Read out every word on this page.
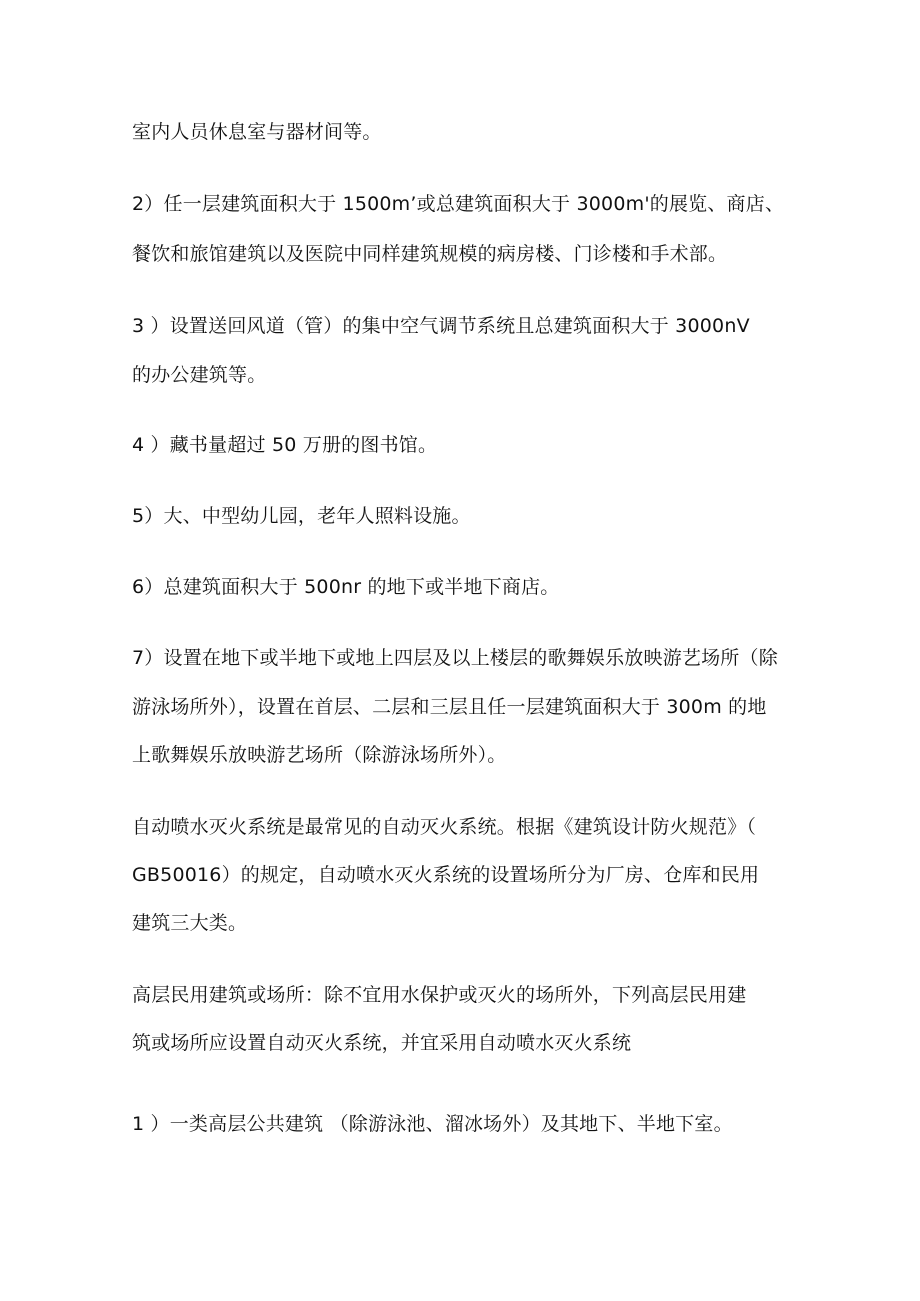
室内人员休息室与器材间等。
2）任一层建筑面积大于 1500m’或总建筑面积大于 3000m'的展览、商店、
餐饮和旅馆建筑以及医院中同样建筑规模的病房楼、门诊楼和手术部。
3 ）设置送回风道（管）的集中空气调节系统且总建筑面积大于 3000nV
的办公建筑等。
4 ）藏书量超过 50 万册的图书馆。
5）大、中型幼儿园，老年人照料设施。
6）总建筑面积大于 500nr 的地下或半地下商店。
7）设置在地下或半地下或地上四层及以上楼层的歌舞娱乐放映游艺场所（除
游泳场所外），设置在首层、二层和三层且任一层建筑面积大于 300m 的地
上歌舞娱乐放映游艺场所（除游泳场所外）。
自动喷水灭火系统是最常见的自动灭火系统。根据《建筑设计防火规范》（
GB50016）的规定，自动喷水灭火系统的设置场所分为厂房、仓库和民用
建筑三大类。
高层民用建筑或场所：除不宜用水保护或灭火的场所外，下列高层民用建
筑或场所应设置自动灭火系统，并宜采用自动喷水灭火系统
1 ）一类高层公共建筑 （除游泳池、溜冰场外）及其地下、半地下室。
